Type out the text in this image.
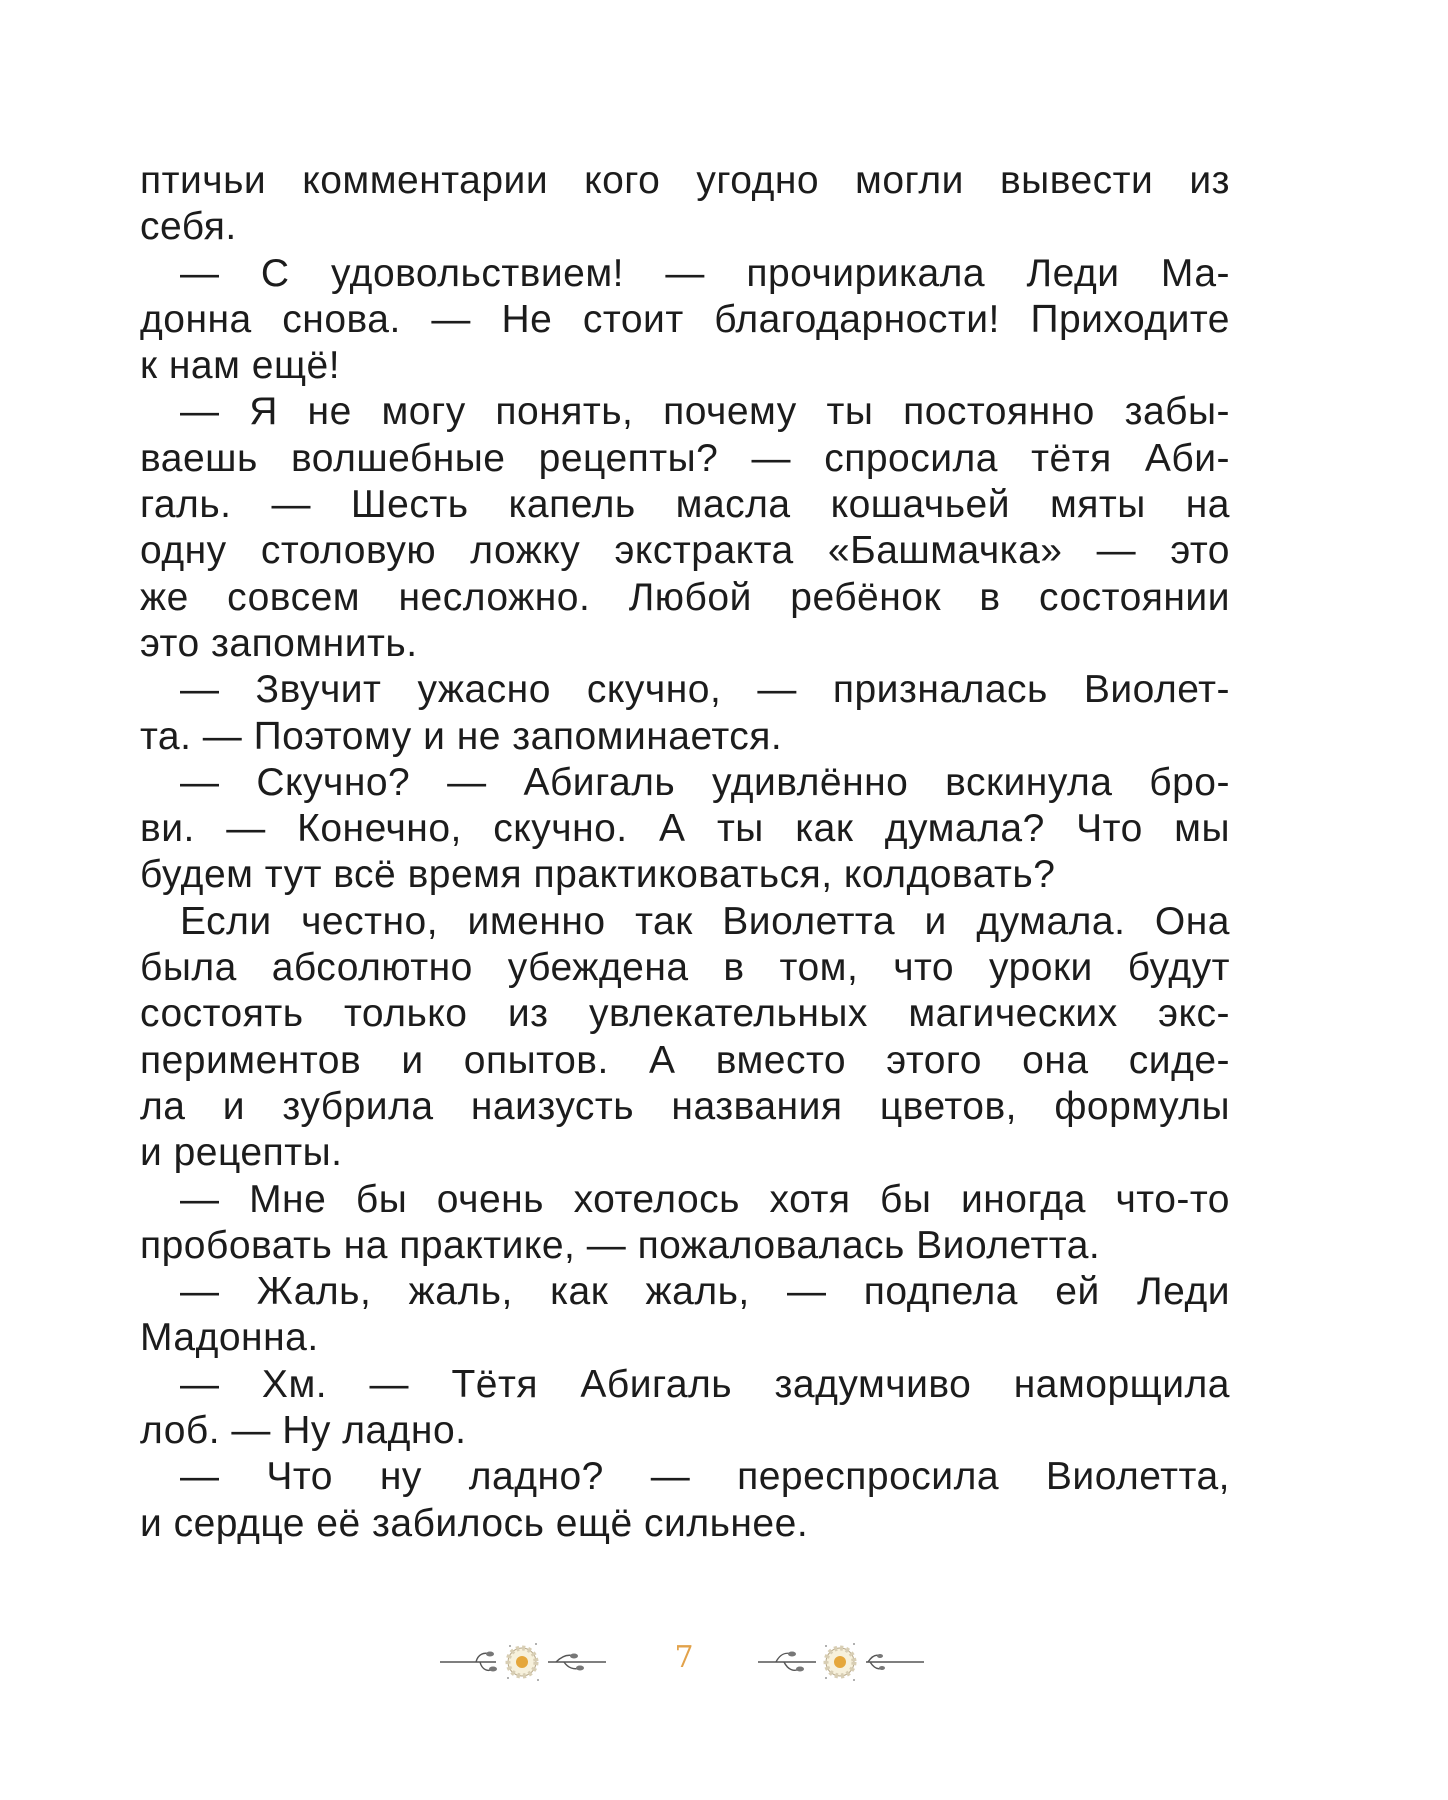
птичьи комментарии кого угодно могли вывести из
себя.
— С удовольствием! — прочирикала Леди Ма-
донна снова. — Не стоит благодарности! Приходите
к нам ещё!
— Я не могу понять, почему ты постоянно забы-
ваешь волшебные рецепты? — спросила тётя Аби-
галь. — Шесть капель масла кошачьей мяты на
одну столовую ложку экстракта «Башмачка» — это
же совсем несложно. Любой ребёнок в состоянии
это запомнить.
— Звучит ужасно скучно, — призналась Виолет-
та. — Поэтому и не запоминается.
— Скучно? — Абигаль удивлённо вскинула бро-
ви. — Конечно, скучно. А ты как думала? Что мы
будем тут всё время практиковаться, колдовать?
Если честно, именно так Виолетта и думала. Она
была абсолютно убеждена в том, что уроки будут
состоять только из увлекательных магических экс-
периментов и опытов. А вместо этого она сиде-
ла и зубрила наизусть названия цветов, формулы
и рецепты.
— Мне бы очень хотелось хотя бы иногда что-то
пробовать на практике, — пожаловалась Виолетта.
— Жаль, жаль, как жаль, — подпела ей Леди
Мадонна.
— Хм. — Тётя Абигаль задумчиво наморщила
лоб. — Ну ладно.
— Что ну ладно? — переспросила Виолетта,
и сердце её забилось ещё сильнее.
7
